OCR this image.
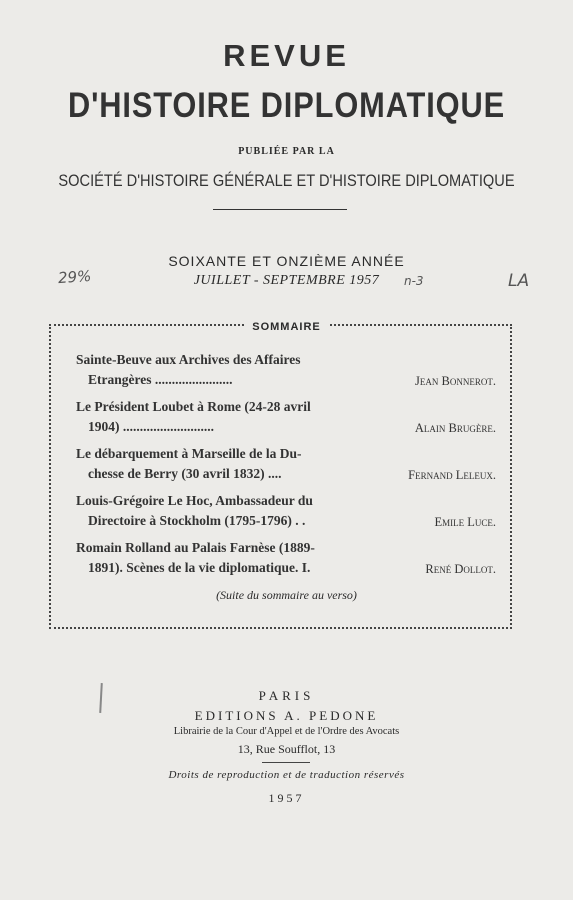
REVUE
D'HISTOIRE DIPLOMATIQUE
PUBLIÉE PAR LA
SOCIÉTÉ D'HISTOIRE GÉNÉRALE ET D'HISTOIRE DIPLOMATIQUE
SOIXANTE ET ONZIÈME ANNÉE
JUILLET - SEPTEMBRE 1957
29%	n-3	LA
SOMMAIRE
Sainte-Beuve aux Archives des Affaires
Etrangères .......................	Jean Bonnerot.
Le Président Loubet à Rome (24-28 avril
1904) ...........................	Alain Brugère.
Le débarquement à Marseille de la Du-
chesse de Berry (30 avril 1832) ....	Fernand Leleux.
Louis-Grégoire Le Hoc, Ambassadeur du
Directoire à Stockholm (1795-1796) . .	Emile Luce.
Romain Rolland au Palais Farnèse (1889-
1891). Scènes de la vie diplomatique. I.	René Dollot.
(Suite du sommaire au verso)
PARIS
EDITIONS A. PEDONE
Librairie de la Cour d'Appel et de l'Ordre des Avocats
13, Rue Soufflot, 13
Droits de reproduction et de traduction réservés
1957
